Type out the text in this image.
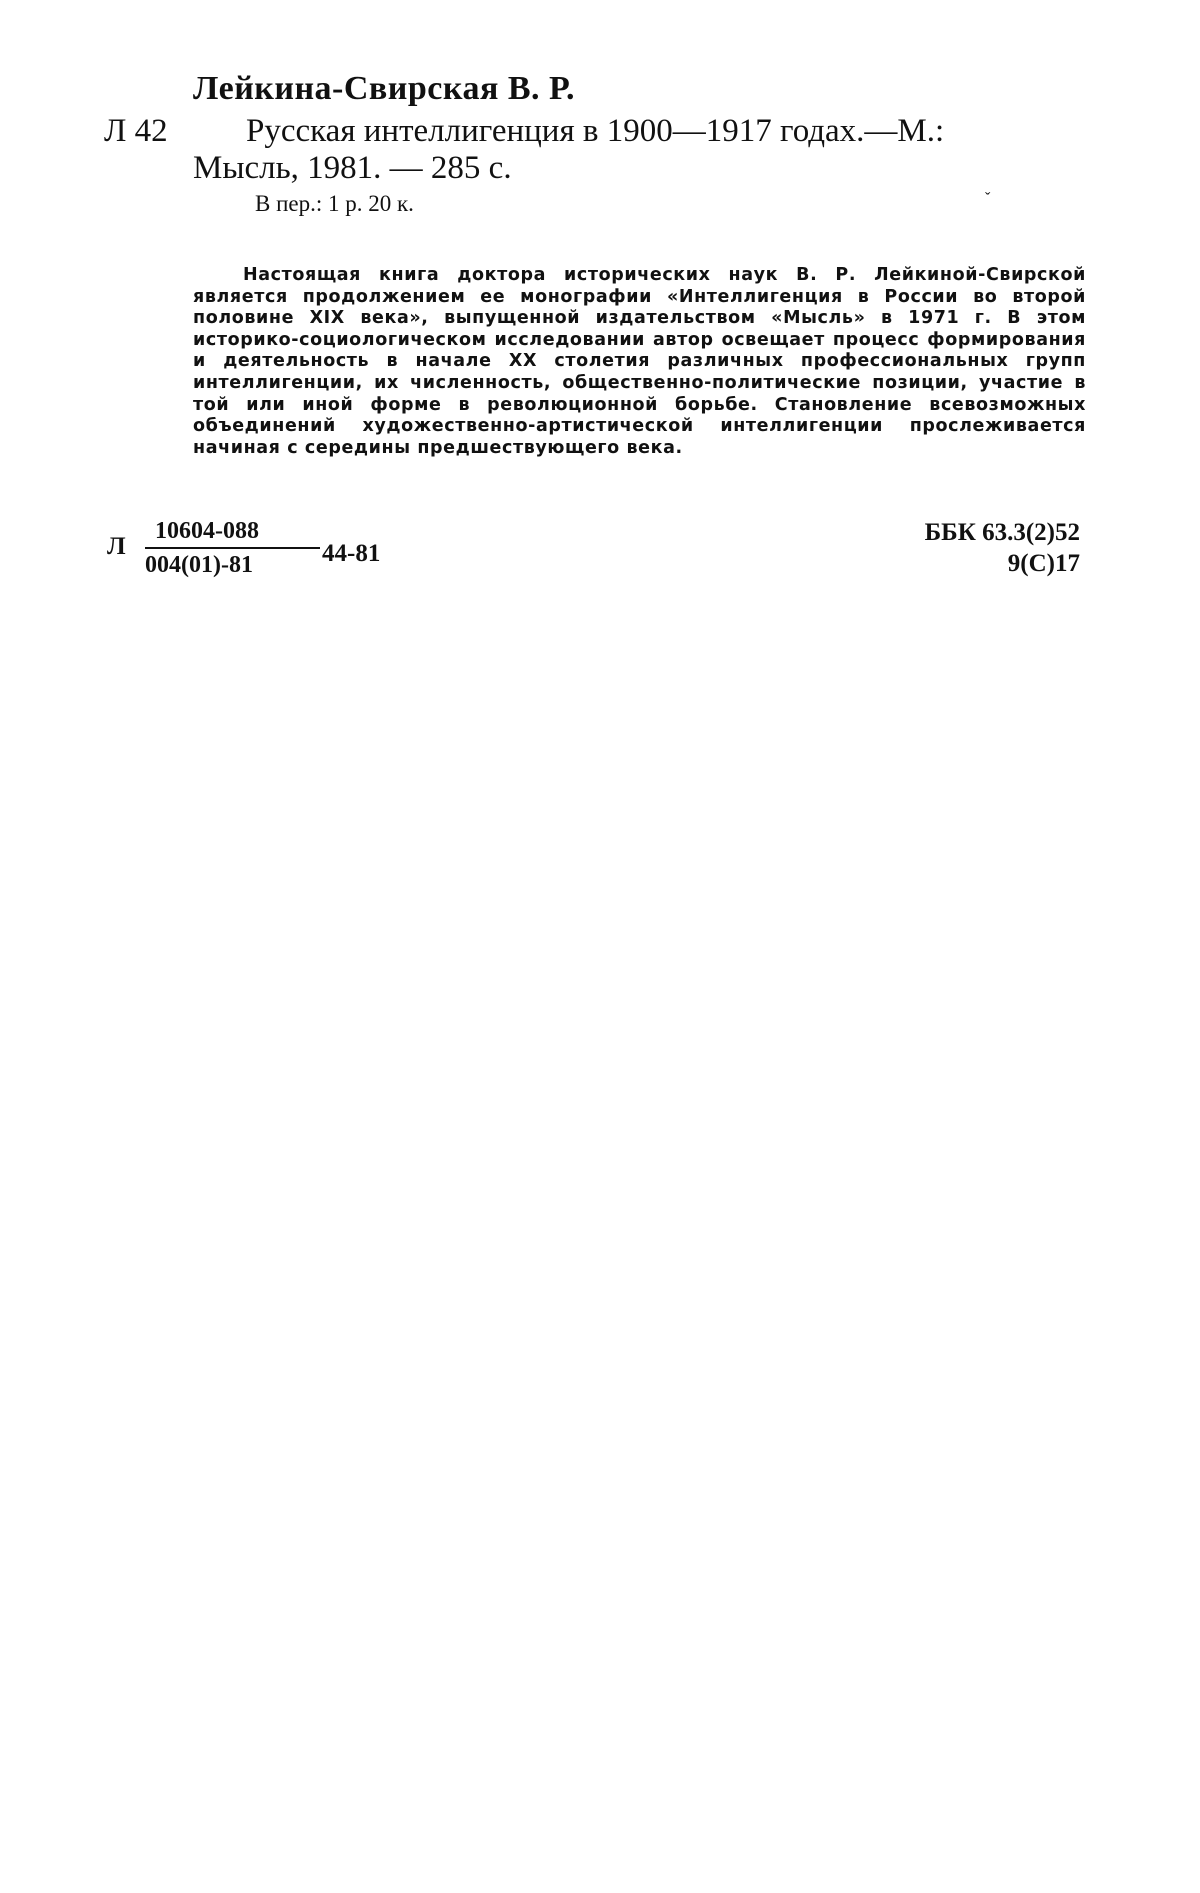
Лейкина-Свирская В. Р.
Л 42 Русская интеллигенция в 1900—1917 годах.—М.:
Мысль, 1981. — 285 с.
В пер.: 1 р. 20 к.	ˇ
Настоящая книга доктора исторических наук В. Р. Лейкиной-Свирской является продолжением ее монографии «Интеллигенция в России во второй половине XIX века», выпущенной издательством «Мысль» в 1971 г. В этом историко-социологическом исследовании автор освещает процесс формирования и деятельность в начале XX столетия различных профессиональных групп интеллигенции, их численность, общественно-политические позиции, участие в той или иной форме в революционной борьбе. Становление всевозможных объединений художественно-артистической интеллигенции прослеживается начиная с середины предшествующего века.
Л
10604-088
004(01)-81	44-81
ББК 63.3(2)52
9(С)17
